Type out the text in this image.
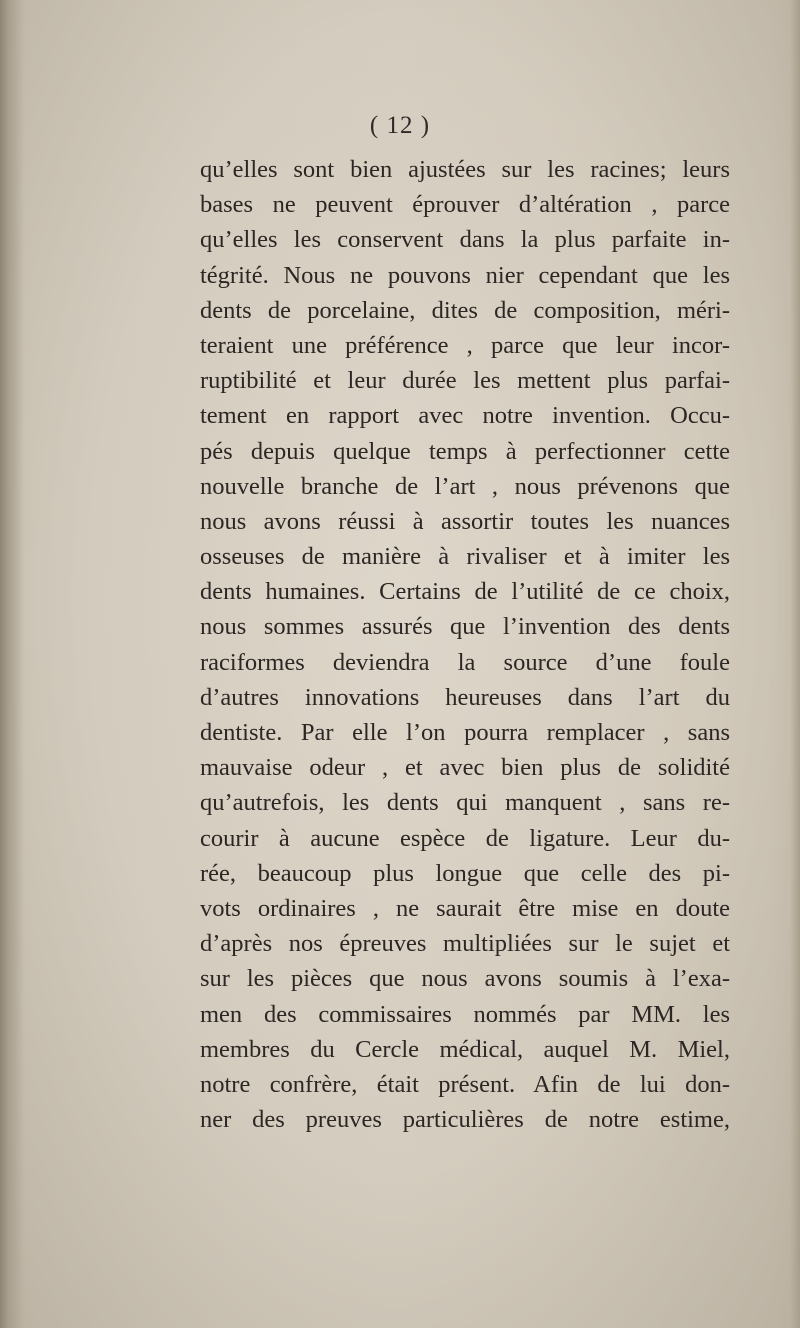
( 12 )
qu’elles sont bien ajustées sur les racines; leurs
bases ne peuvent éprouver d’altération , parce
qu’elles les conservent dans la plus parfaite in-
tégrité. Nous ne pouvons nier cependant que les
dents de porcelaine, dites de composition, méri-
teraient une préférence , parce que leur incor-
ruptibilité et leur durée les mettent plus parfai-
tement en rapport avec notre invention. Occu-
pés depuis quelque temps à perfectionner cette
nouvelle branche de l’art , nous prévenons que
nous avons réussi à assortir toutes les nuances
osseuses de manière à rivaliser et à imiter les
dents humaines. Certains de l’utilité de ce choix,
nous sommes assurés que l’invention des dents
raciformes deviendra la source d’une foule
d’autres innovations heureuses dans l’art du
dentiste. Par elle l’on pourra remplacer , sans
mauvaise odeur , et avec bien plus de solidité
qu’autrefois, les dents qui manquent , sans re-
courir à aucune espèce de ligature. Leur du-
rée, beaucoup plus longue que celle des pi-
vots ordinaires , ne saurait être mise en doute
d’après nos épreuves multipliées sur le sujet et
sur les pièces que nous avons soumis à l’exa-
men des commissaires nommés par MM. les
membres du Cercle médical, auquel M. Miel,
notre confrère, était présent. Afin de lui don-
ner des preuves particulières de notre estime,
